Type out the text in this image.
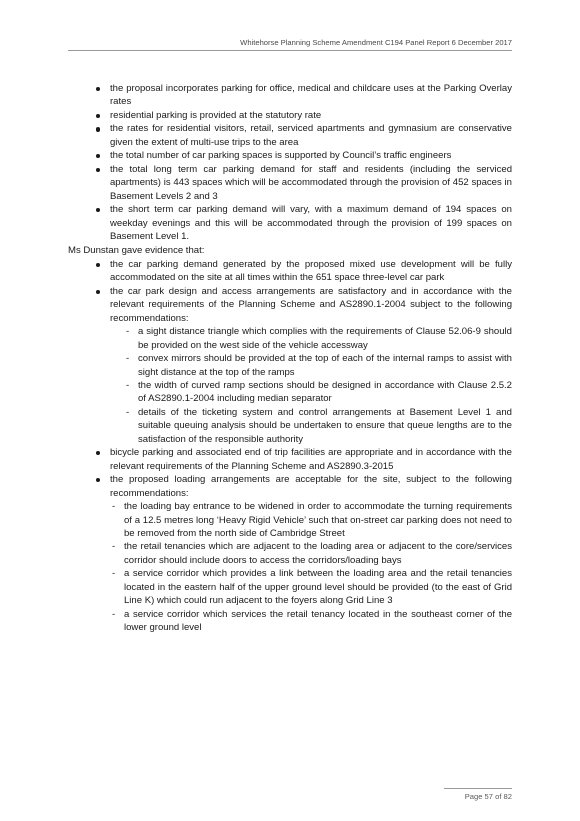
Whitehorse Planning Scheme Amendment C194 Panel Report 6 December 2017
the proposal incorporates parking for office, medical and childcare uses at the Parking Overlay rates
residential parking is provided at the statutory rate
the rates for residential visitors, retail, serviced apartments and gymnasium are conservative given the extent of multi-use trips to the area
the total number of car parking spaces is supported by Council’s traffic engineers
the total long term car parking demand for staff and residents (including the serviced apartments) is 443 spaces which will be accommodated through the provision of 452 spaces in Basement Levels 2 and 3
the short term car parking demand will vary, with a maximum demand of 194 spaces on weekday evenings and this will be accommodated through the provision of 199 spaces on Basement Level 1.

Ms Dunstan gave evidence that:

the car parking demand generated by the proposed mixed use development will be fully accommodated on the site at all times within the 651 space three-level car park
the car park design and access arrangements are satisfactory and in accordance with the relevant requirements of the Planning Scheme and AS2890.1-2004 subject to the following recommendations:
- a sight distance triangle which complies with the requirements of Clause 52.06-9 should be provided on the west side of the vehicle accessway
- convex mirrors should be provided at the top of each of the internal ramps to assist with sight distance at the top of the ramps
- the width of curved ramp sections should be designed in accordance with Clause 2.5.2 of AS2890.1-2004 including median separator
- details of the ticketing system and control arrangements at Basement Level 1 and suitable queuing analysis should be undertaken to ensure that queue lengths are to the satisfaction of the responsible authority
bicycle parking and associated end of trip facilities are appropriate and in accordance with the relevant requirements of the Planning Scheme and AS2890.3-2015
the proposed loading arrangements are acceptable for the site, subject to the following recommendations:
- the loading bay entrance to be widened in order to accommodate the turning requirements of a 12.5 metres long ‘Heavy Rigid Vehicle’ such that on-street car parking does not need to be removed from the north side of Cambridge Street
- the retail tenancies which are adjacent to the loading area or adjacent to the core/services corridor should include doors to access the corridors/loading bays
- a service corridor which provides a link between the loading area and the retail tenancies located in the eastern half of the upper ground level should be provided (to the east of Grid Line K) which could run adjacent to the foyers along Grid Line 3
- a service corridor which services the retail tenancy located in the southeast corner of the lower ground level
Page 57 of 82
